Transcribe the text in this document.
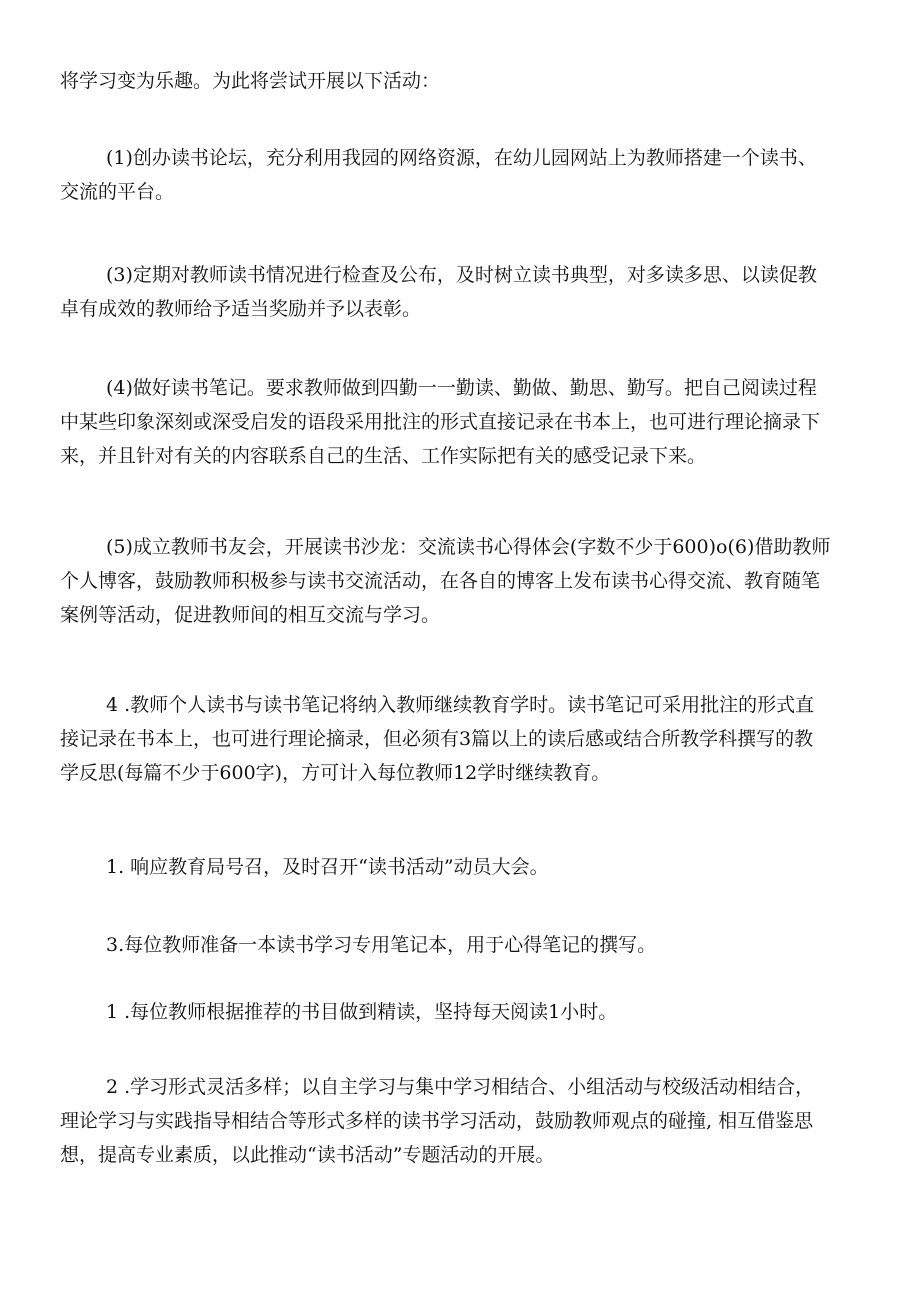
将学习变为乐趣。为此将尝试开展以下活动：

(1)创办读书论坛，充分利用我园的网络资源，在幼儿园网站上为教师搭建一个读书、
交流的平台。

(3)定期对教师读书情况进行检查及公布，及时树立读书典型，对多读多思、以读促教
卓有成效的教师给予适当奖励并予以表彰。

(4)做好读书笔记。要求教师做到四勤一一勤读、勤做、勤思、勤写。把自己阅读过程
中某些印象深刻或深受启发的语段采用批注的形式直接记录在书本上，也可进行理论摘录下
来，并且针对有关的内容联系自己的生活、工作实际把有关的感受记录下来。

(5)成立教师书友会，开展读书沙龙：交流读书心得体会(字数不少于600)o(6)借助教师
个人博客，鼓励教师积极参与读书交流活动，在各自的博客上发布读书心得交流、教育随笔
案例等活动，促进教师间的相互交流与学习。

4 .教师个人读书与读书笔记将纳入教师继续教育学时。读书笔记可采用批注的形式直
接记录在书本上，也可进行理论摘录，但必须有3篇以上的读后感或结合所教学科撰写的教
学反思(每篇不少于600字)，方可计入每位教师12学时继续教育。

1. 响应教育局号召，及时召开“读书活动”动员大会。

3.每位教师准备一本读书学习专用笔记本，用于心得笔记的撰写。

1 .每位教师根据推荐的书目做到精读，坚持每天阅读1小时。

2 .学习形式灵活多样；以自主学习与集中学习相结合、小组活动与校级活动相结合，
理论学习与实践指导相结合等形式多样的读书学习活动，鼓励教师观点的碰撞, 相互借鉴思
想，提高专业素质，以此推动“读书活动”专题活动的开展。
